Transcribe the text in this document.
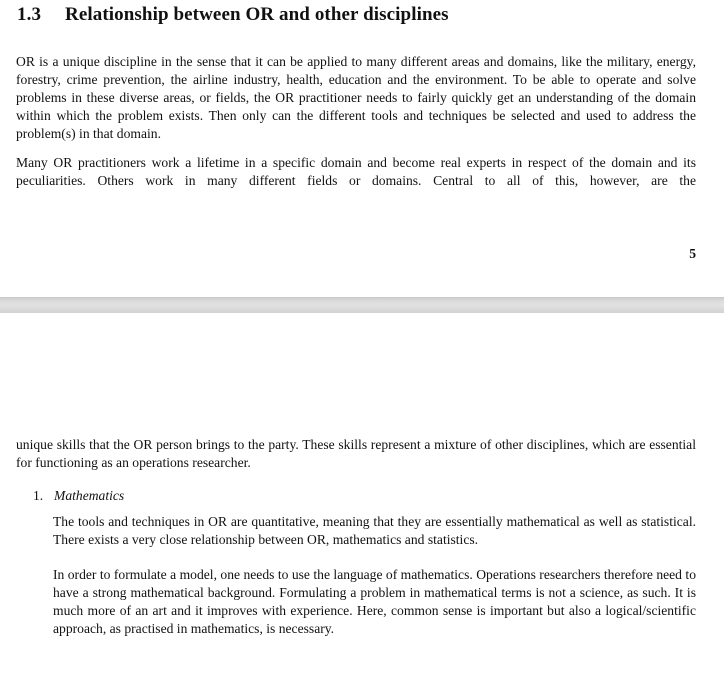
1.3 Relationship between OR and other disciplines

OR is a unique discipline in the sense that it can be applied to many different areas and domains, like the military, energy, forestry, crime prevention, the airline industry, health, education and the environment. To be able to operate and solve problems in these diverse areas, or fields, the OR practitioner needs to fairly quickly get an understanding of the domain within which the problem exists. Then only can the different tools and techniques be selected and used to address the problem(s) in that domain.

Many OR practitioners work a lifetime in a specific domain and become real experts in respect of the domain and its peculiarities. Others work in many different fields or domains. Central to all of this, however, are the

5

unique skills that the OR person brings to the party. These skills represent a mixture of other disciplines, which are essential for functioning as an operations researcher.

1. Mathematics

The tools and techniques in OR are quantitative, meaning that they are essentially mathematical as well as statistical. There exists a very close relationship between OR, mathematics and statistics.

In order to formulate a model, one needs to use the language of mathematics. Operations researchers therefore need to have a strong mathematical background. Formulating a problem in mathematical terms is not a science, as such. It is much more of an art and it improves with experience. Here, common sense is important but also a logical/scientific approach, as practised in mathematics, is necessary.
